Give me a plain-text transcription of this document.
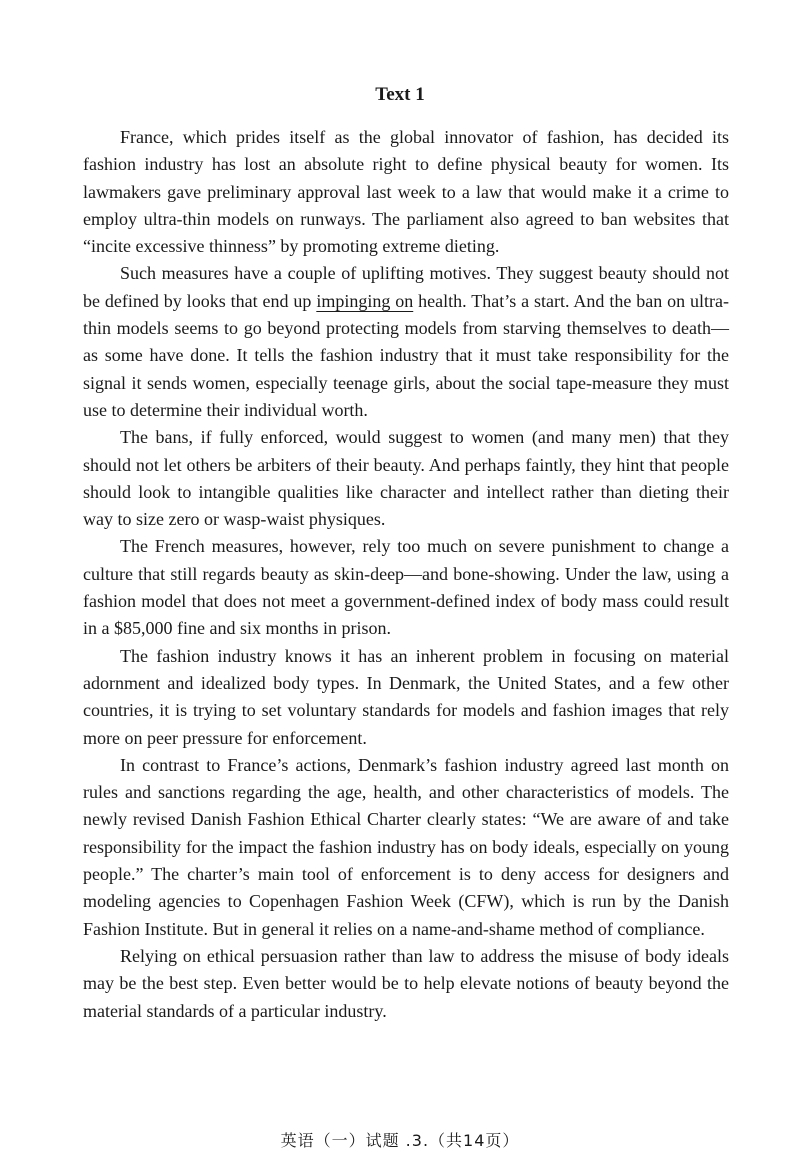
Text 1

France, which prides itself as the global innovator of fashion, has decided its fashion industry has lost an absolute right to define physical beauty for women. Its lawmakers gave preliminary approval last week to a law that would make it a crime to employ ultra-thin models on runways. The parliament also agreed to ban websites that “incite excessive thinness” by promoting extreme dieting.

Such measures have a couple of uplifting motives. They suggest beauty should not be defined by looks that end up impinging on health. That’s a start. And the ban on ultra-thin models seems to go beyond protecting models from starving themselves to death—as some have done. It tells the fashion industry that it must take responsibility for the signal it sends women, especially teenage girls, about the social tape-measure they must use to determine their individual worth.

The bans, if fully enforced, would suggest to women (and many men) that they should not let others be arbiters of their beauty. And perhaps faintly, they hint that people should look to intangible qualities like character and intellect rather than dieting their way to size zero or wasp-waist physiques.

The French measures, however, rely too much on severe punishment to change a culture that still regards beauty as skin-deep—and bone-showing. Under the law, using a fashion model that does not meet a government-defined index of body mass could result in a $85,000 fine and six months in prison.

The fashion industry knows it has an inherent problem in focusing on material adornment and idealized body types. In Denmark, the United States, and a few other countries, it is trying to set voluntary standards for models and fashion images that rely more on peer pressure for enforcement.

In contrast to France’s actions, Denmark’s fashion industry agreed last month on rules and sanctions regarding the age, health, and other characteristics of models. The newly revised Danish Fashion Ethical Charter clearly states: “We are aware of and take responsibility for the impact the fashion industry has on body ideals, especially on young people.” The charter’s main tool of enforcement is to deny access for designers and modeling agencies to Copenhagen Fashion Week (CFW), which is run by the Danish Fashion Institute. But in general it relies on a name-and-shame method of compliance.

Relying on ethical persuasion rather than law to address the misuse of body ideals may be the best step. Even better would be to help elevate notions of beauty beyond the material standards of a particular industry.

英语（一）试题 .3.（共14页）
